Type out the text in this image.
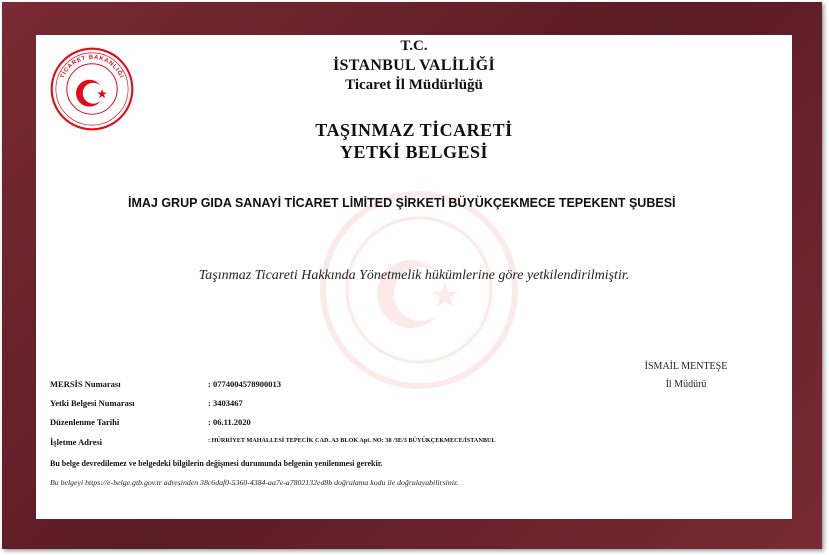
TİCARET BAKANLIĞI
T.C.
İSTANBUL VALİLİĞİ
Ticaret İl Müdürlüğü
TAŞINMAZ TİCARETİ
YETKİ BELGESİ
İMAJ GRUP GIDA SANAYİ TİCARET LİMİTED ŞİRKETİ BÜYÜKÇEKMECE TEPEKENT ŞUBESİ
Taşınmaz Ticareti Hakkında Yönetmelik hükümlerine göre yetkilendirilmiştir.
İSMAİL MENTEŞE
İl Müdürü
MERSİS Numarası	: 0774004578900013
Yetki Belgesi Numarası	: 3403467
Düzenlenme Tarihi	: 06.11.2020
İşletme Adresi	: HÜRRİYET MAHALLESİ TEPECİK CAD. A3 BLOK Apt. NO: 38 /3E/3 BÜYÜKÇEKMECE/İSTANBUL
Bu belge devredilemez ve belgedeki bilgilerin değişmesi durumunda belgenin yenilenmesi gerekir.
Bu belgeyi https://e-belge.gtb.gov.tr adresinden 38c6daf0-5360-4384-aa7e-a7802132ed8b doğrulama kodu ile doğrulayabilirsiniz.
